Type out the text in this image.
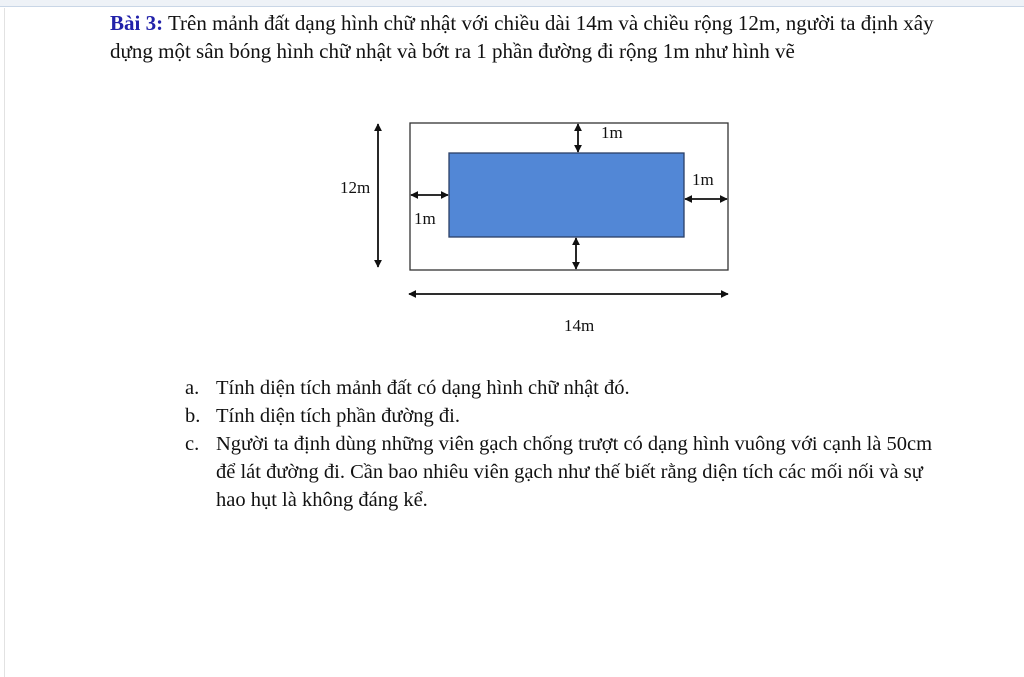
Bài 3: Trên mảnh đất dạng hình chữ nhật với chiều dài 14m và chiều rộng 12m, người ta định xây dựng một sân bóng hình chữ nhật và bớt ra 1 phần đường đi rộng 1m như hình vẽ
1m
1m
1m
12m
14m
a. Tính diện tích mảnh đất có dạng hình chữ nhật đó.
b. Tính diện tích phần đường đi.
c. Người ta định dùng những viên gạch chống trượt có dạng hình vuông với cạnh là 50cm để lát đường đi. Cần bao nhiêu viên gạch như thế biết rằng diện tích các mối nối và sự hao hụt là không đáng kể.
